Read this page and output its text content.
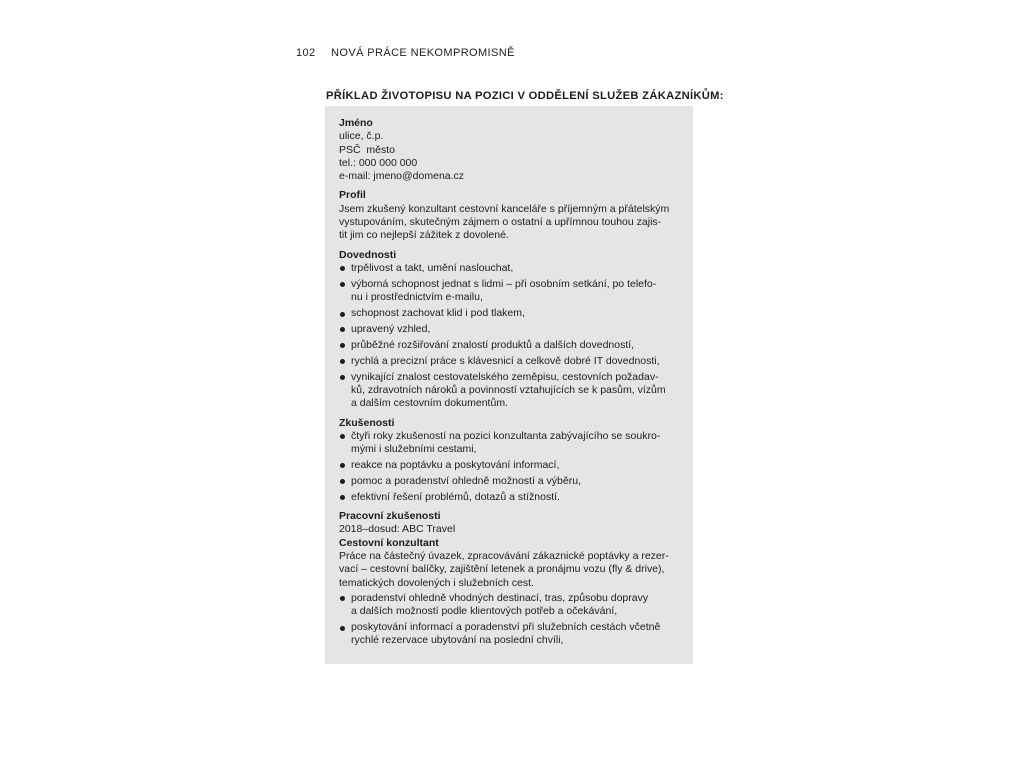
102 NOVÁ PRÁCE NEKOMPROMISNĚ
PŘÍKLAD ŽIVOTOPISU NA POZICI V ODDĚLENÍ SLUŽEB ZÁKAZNÍKŮM:
Jméno
ulice, č.p.
PSČ  město
tel.: 000 000 000
e-mail: jmeno@domena.cz
Profil
Jsem zkušený konzultant cestovní kanceláře s příjemným a přátelským
vystupováním, skutečným zájmem o ostatní a upřímnou touhou zajis-
tit jim co nejlepší zážitek z dovolené.
Dovednosti
trpělivost a takt, umění naslouchat,
výborná schopnost jednat s lidmi – při osobním setkání, po telefo-
nu i prostřednictvím e-mailu,
schopnost zachovat klid i pod tlakem,
upravený vzhled,
průběžné rozšiřování znalostí produktů a dalších dovedností,
rychlá a precizní práce s klávesnicí a celkově dobré IT dovednosti,
vynikající znalost cestovatelského zeměpisu, cestovních požadav-
ků, zdravotních nároků a povinností vztahujících se k pasům, vízům
a dalším cestovním dokumentům.
Zkušenosti
čtyři roky zkušeností na pozici konzultanta zabývajícího se soukro-
mými i služebními cestami,
reakce na poptávku a poskytování informací,
pomoc a poradenství ohledně možností a výběru,
efektivní řešení problémů, dotazů a stížností.
Pracovní zkušenosti
2018–dosud: ABC Travel
Cestovní konzultant
Práce na částečný úvazek, zpracovávání zákaznické poptávky a rezer-
vací – cestovní balíčky, zajištění letenek a pronájmu vozu (fly & drive),
tematických dovolených i služebních cest.
poradenství ohledně vhodných destinací, tras, způsobu dopravy
a dalších možností podle klientových potřeb a očekávání,
poskytování informací a poradenství při služebních cestách včetně
rychlé rezervace ubytování na poslední chvíli,
